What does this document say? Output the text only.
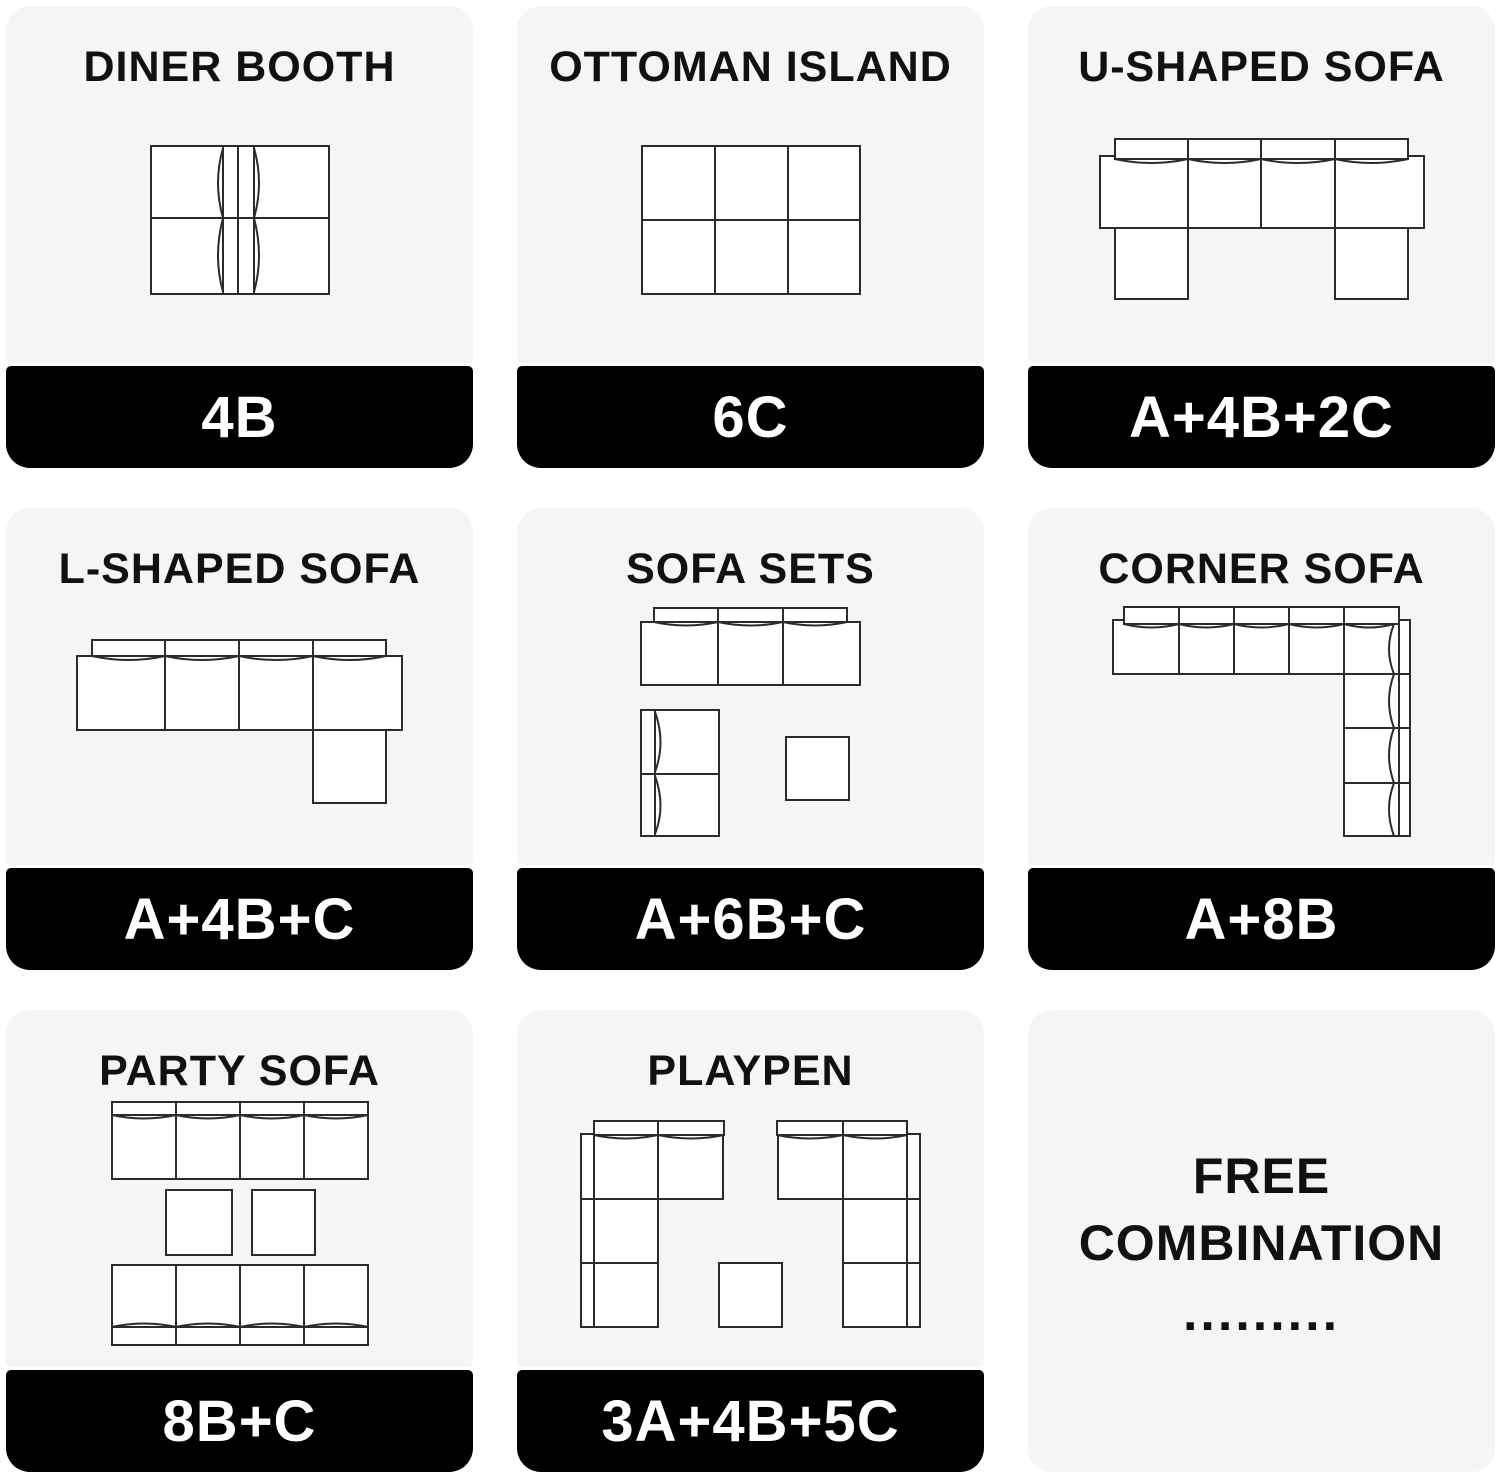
DINER BOOTH
4B
OTTOMAN ISLAND
6C
U-SHAPED SOFA
A+4B+2C
L-SHAPED SOFA
A+4B+C
SOFA SETS
A+6B+C
CORNER SOFA
A+8B
PARTY SOFA
8B+C
PLAYPEN
3A+4B+5C
FREE
COMBINATION
.........
